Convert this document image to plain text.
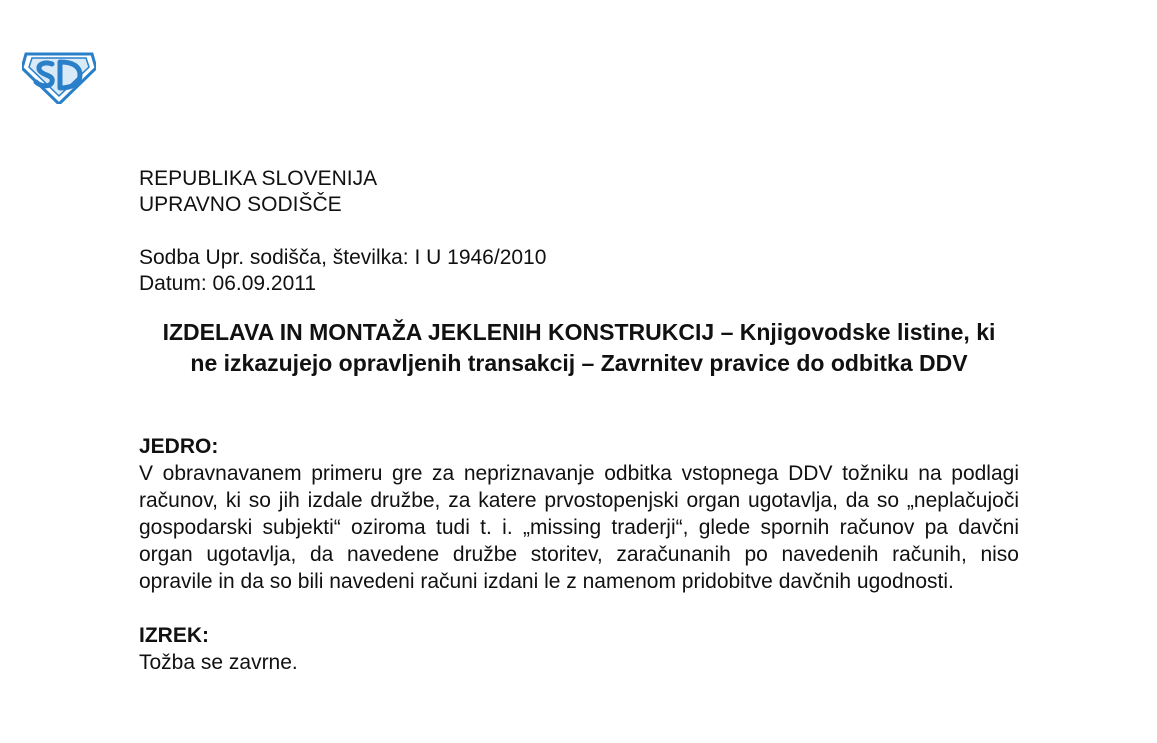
REPUBLIKA SLOVENIJA

UPRAVNO SODIŠČE

Sodba Upr. sodišča, številka: I U 1946/2010

Datum: 06.09.2011

IZDELAVA IN MONTAŽA JEKLENIH KONSTRUKCIJ – Knjigovodske listine, ki ne izkazujejo opravljenih transakcij – Zavrnitev pravice do odbitka DDV

JEDRO:

V obravnavanem primeru gre za nepriznavanje odbitka vstopnega DDV tožniku na podlagi računov, ki so jih izdale družbe, za katere prvostopenjski organ ugotavlja, da so „neplačujoči gospodarski subjekti“ oziroma tudi t. i. „missing traderji“, glede spornih računov pa davčni organ ugotavlja, da navedene družbe storitev, zaračunanih po navedenih računih, niso opravile in da so bili navedeni računi izdani le z namenom pridobitve davčnih ugodnosti.

IZREK:

Tožba se zavrne.
